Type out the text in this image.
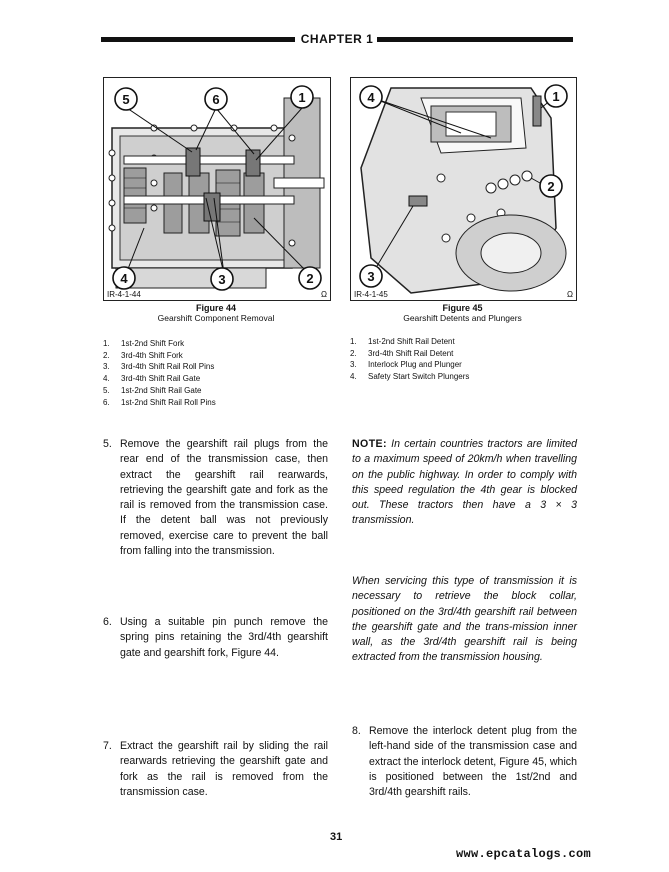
CHAPTER 1
5	6	1
4	3	2
IR-4-1-44	Ω
Figure 44
Gearshift Component Removal
1.	1st-2nd Shift Fork
2.	3rd-4th Shift Fork
3.	3rd-4th Shift Rail Roll Pins
4.	3rd-4th Shift Rail Gate
5.	1st-2nd Shift Rail Gate
6.	1st-2nd Shift Rail Roll Pins
4	1
2
3
IR-4-1-45	Ω
Figure 45
Gearshift Detents and Plungers
1.	1st-2nd Shift Rail Detent
2.	3rd-4th Shift Rail Detent
3.	Interlock Plug and Plunger
4.	Safety Start Switch Plungers
5. Remove the gearshift rail plugs from the rear end of the transmission case, then extract the gearshift rail rearwards, retrieving the gearshift gate and fork as the rail is removed from the transmission case. If the detent ball was not previously removed, exercise care to prevent the ball from falling into the transmission.
6. Using a suitable pin punch remove the spring pins retaining the 3rd/4th gearshift gate and gearshift fork, Figure 44.
7. Extract the gearshift rail by sliding the rail rearwards retrieving the gearshift gate and fork as the rail is removed from the transmission case.
NOTE: In certain countries tractors are limited to a maximum speed of 20km/h when travelling on the public highway. In order to comply with this speed regulation the 4th gear is blocked out. These tractors then have a 3 × 3 transmission.
When servicing this type of transmission it is necessary to retrieve the block collar, positioned on the 3rd/4th gearshift rail between the gearshift gate and the trans-mission inner wall, as the 3rd/4th gearshift rail is being extracted from the transmission housing.
8. Remove the interlock detent plug from the left-hand side of the transmission case and extract the interlock detent, Figure 45, which is positioned between the 1st/2nd and 3rd/4th gearshift rails.
31
www.epcatalogs.com
